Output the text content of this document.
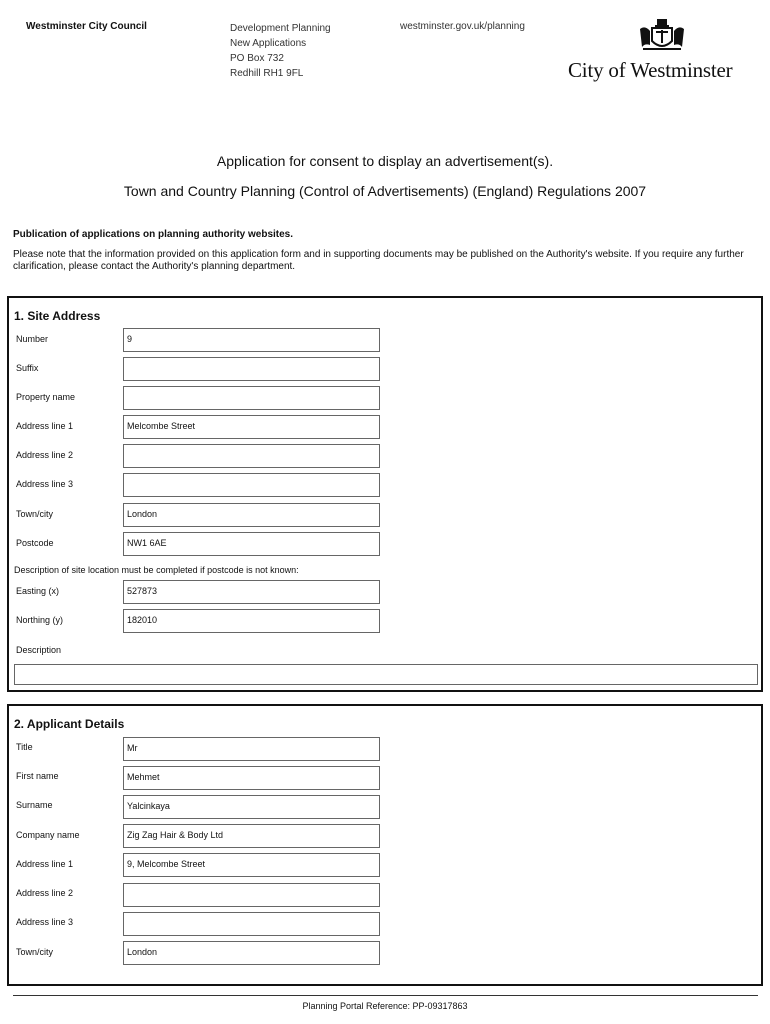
Westminster City Council	Development Planning
New Applications
PO Box 732
Redhill RH1 9FL
westminster.gov.uk/planning
City of Westminster
Application for consent to display an advertisement(s).
Town and Country Planning (Control of Advertisements) (England) Regulations 2007
Publication of applications on planning authority websites.
Please note that the information provided on this application form and in supporting documents may be published on the Authority's website. If you require any further clarification, please contact the Authority's planning department.
1. Site Address
Number	9
Suffix
Property name
Address line 1	Melcombe Street
Address line 2
Address line 3
Town/city	London
Postcode	NW1 6AE
Description of site location must be completed if postcode is not known:
Easting (x)	527873
Northing (y)	182010
Description
2. Applicant Details
Title	Mr
First name	Mehmet
Surname	Yalcinkaya
Company name	Zig Zag Hair & Body Ltd
Address line 1	9, Melcombe Street
Address line 2
Address line 3
Town/city	London
Planning Portal Reference: PP-09317863
